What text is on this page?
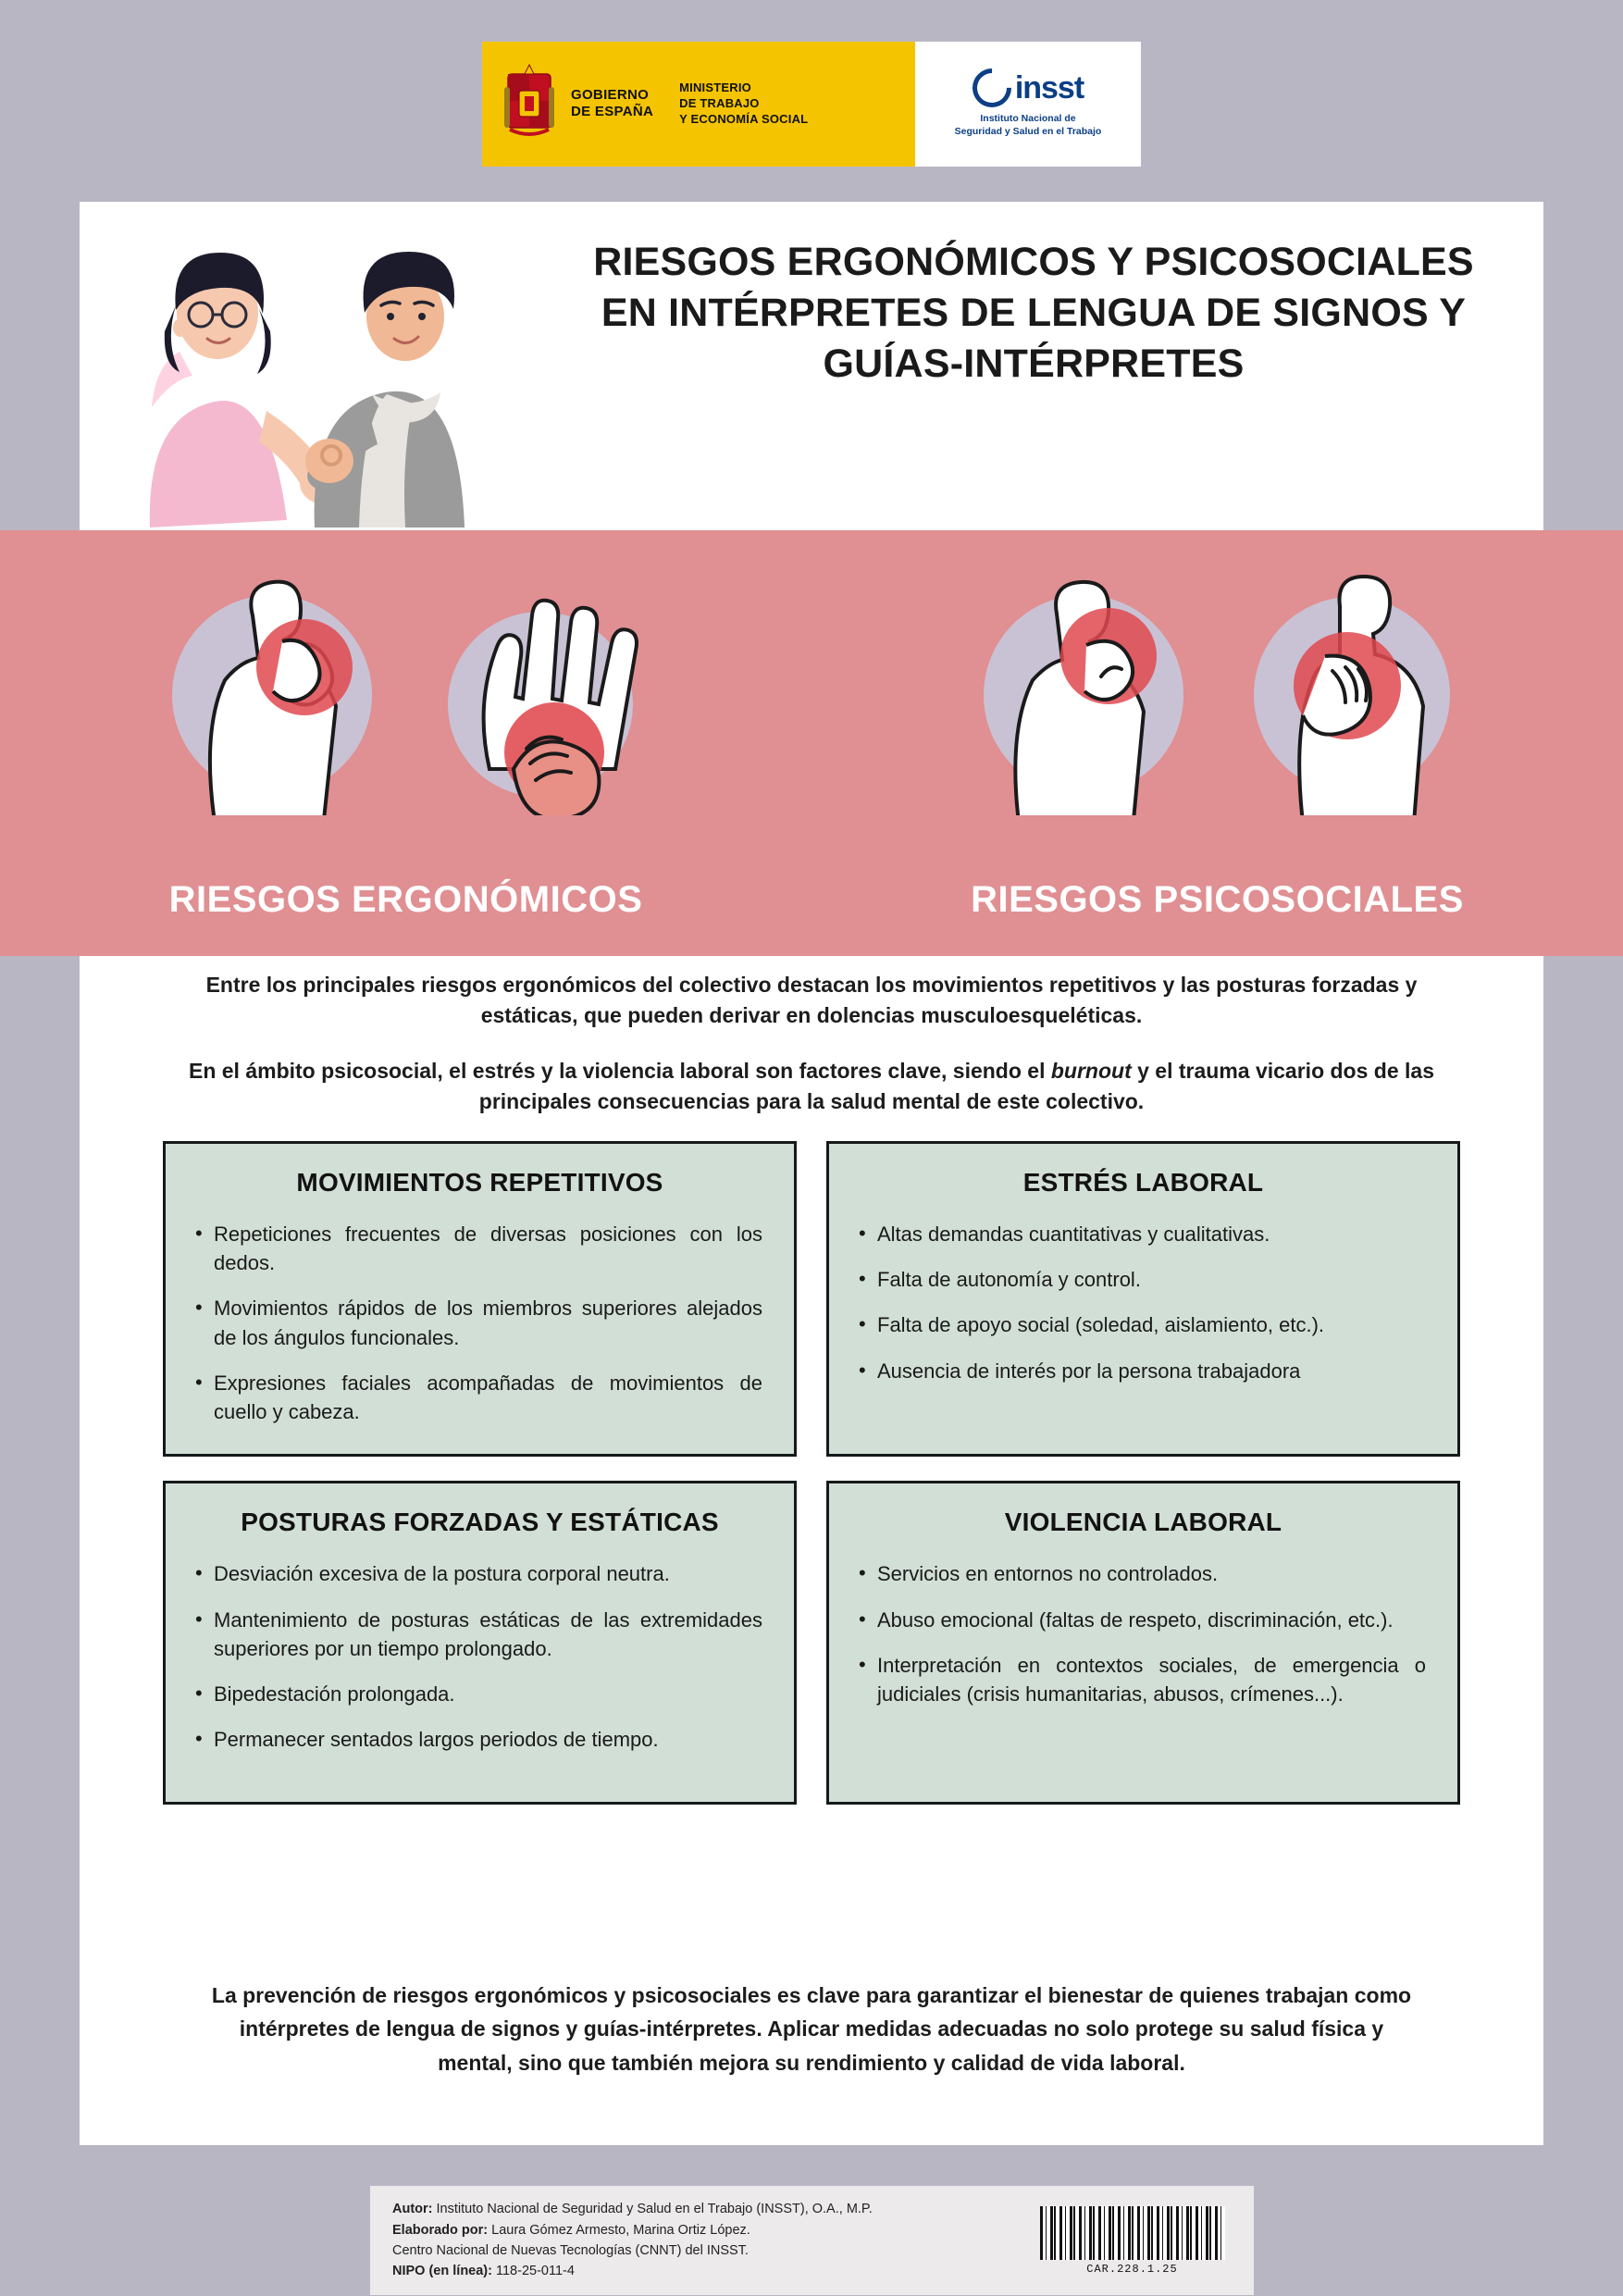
GOBIERNO
DE ESPAÑA
MINISTERIO
DE TRABAJO
Y ECONOMÍA SOCIAL
insst
Instituto Nacional de
Seguridad y Salud en el Trabajo
RIESGOS ERGONÓMICOS Y PSICOSOCIALES EN INTÉRPRETES DE LENGUA DE SIGNOS Y GUÍAS-INTÉRPRETES
RIESGOS ERGONÓMICOS	RIESGOS PSICOSOCIALES

Entre los principales riesgos ergonómicos del colectivo destacan los movimientos repetitivos y las posturas forzadas y estáticas, que pueden derivar en dolencias musculoesqueléticas.

En el ámbito psicosocial, el estrés y la violencia laboral son factores clave, siendo el burnout y el trauma vicario dos de las principales consecuencias para la salud mental de este colectivo.

MOVIMIENTOS REPETITIVOS
• Repeticiones frecuentes de diversas posiciones con los dedos.
• Movimientos rápidos de los miembros superiores alejados de los ángulos funcionales.
• Expresiones faciales acompañadas de movimientos de cuello y cabeza.
ESTRÉS LABORAL
• Altas demandas cuantitativas y cualitativas.
• Falta de autonomía y control.
• Falta de apoyo social (soledad, aislamiento, etc.).
• Ausencia de interés por la persona trabajadora
POSTURAS FORZADAS Y ESTÁTICAS
• Desviación excesiva de la postura corporal neutra.
• Mantenimiento de posturas estáticas de las extremidades superiores por un tiempo prolongado.
• Bipedestación prolongada.
• Permanecer sentados largos periodos de tiempo.
VIOLENCIA LABORAL
• Servicios en entornos no controlados.
• Abuso emocional (faltas de respeto, discriminación, etc.).
• Interpretación en contextos sociales, de emergencia o judiciales (crisis humanitarias, abusos, crímenes...).
La prevención de riesgos ergonómicos y psicosociales es clave para garantizar el bienestar de quienes trabajan como intérpretes de lengua de signos y guías-intérpretes. Aplicar medidas adecuadas no solo protege su salud física y mental, sino que también mejora su rendimiento y calidad de vida laboral.
Autor: Instituto Nacional de Seguridad y Salud en el Trabajo (INSST), O.A., M.P.
Elaborado por: Laura Gómez Armesto, Marina Ortiz López.
Centro Nacional de Nuevas Tecnologías (CNNT) del INSST.
NIPO (en línea): 118-25-011-4	CAR.228.1.25
